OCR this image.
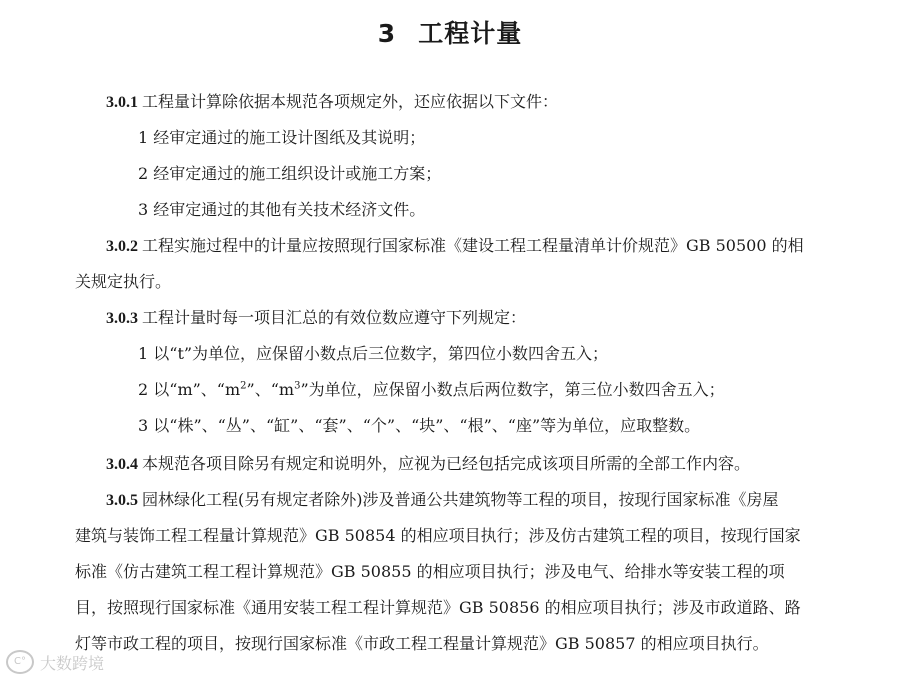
3 工程计量
3.0.1 工程量计算除依据本规范各项规定外，还应依据以下文件：
1 经审定通过的施工设计图纸及其说明；
2 经审定通过的施工组织设计或施工方案；
3 经审定通过的其他有关技术经济文件。
3.0.2 工程实施过程中的计量应按照现行国家标准《建设工程工程量清单计价规范》GB 50500 的相
关规定执行。
3.0.3 工程计量时每一项目汇总的有效位数应遵守下列规定：
1 以“t”为单位，应保留小数点后三位数字，第四位小数四舍五入；
2 以“m”、“$m^2$”、“$m^3$”为单位，应保留小数点后两位数字，第三位小数四舍五入；
3 以“株”、“丛”、“缸”、“套”、“个”、“块”、“根”、“座”等为单位，应取整数。
3.0.4 本规范各项目除另有规定和说明外，应视为已经包括完成该项目所需的全部工作内容。
3.0.5 园林绿化工程(另有规定者除外)涉及普通公共建筑物等工程的项目，按现行国家标准《房屋
建筑与装饰工程工程量计算规范》GB 50854 的相应项目执行；涉及仿古建筑工程的项目，按现行国家
标准《仿古建筑工程工程计算规范》GB 50855 的相应项目执行；涉及电气、给排水等安装工程的项
目，按照现行国家标准《通用安装工程工程计算规范》GB 50856 的相应项目执行；涉及市政道路、路
灯等市政工程的项目，按现行国家标准《市政工程工程量计算规范》GB 50857 的相应项目执行。
C° 大数跨境
